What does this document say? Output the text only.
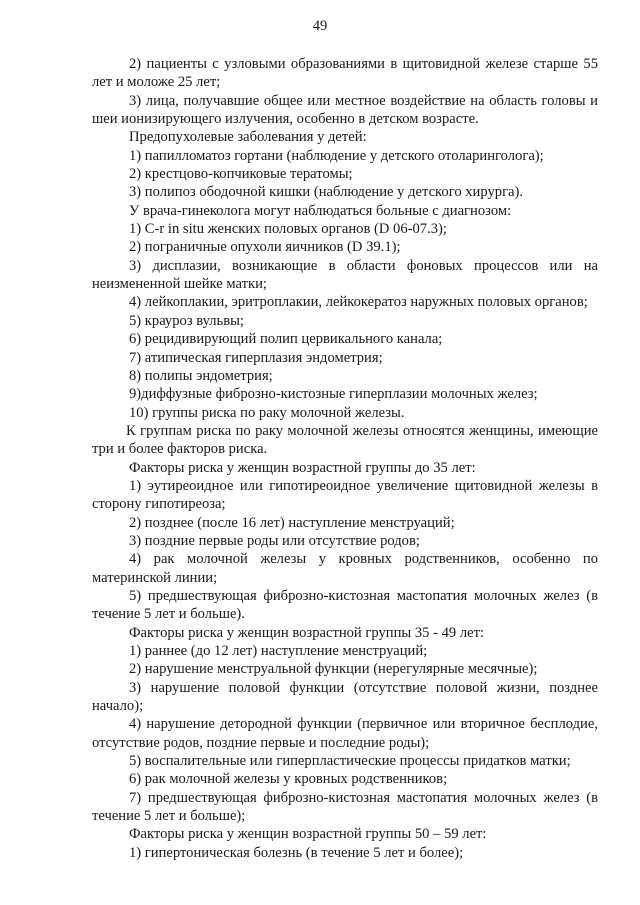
49

2) пациенты с узловыми образованиями в щитовидной железе старше 55 лет и моложе 25 лет;

3) лица, получавшие общее или местное воздействие на область головы и шеи ионизирующего излучения, особенно в детском возрасте.

Предопухолевые заболевания у детей:

1) папилломатоз гортани (наблюдение у детского отоларинголога);

2) крестцово-копчиковые тератомы;

3) полипоз ободочной кишки (наблюдение у детского хирурга).

У врача-гинеколога могут наблюдаться больные с диагнозом:

1) C-r in situ женских половых органов (D 06-07.3);

2) пограничные опухоли яичников (D 39.1);

3) дисплазии, возникающие в области фоновых процессов или на неизмененной шейке матки;

4) лейкоплакии, эритроплакии, лейкокератоз наружных половых органов;

5) крауроз вульвы;

6) рецидивирующий полип цервикального канала;

7) атипическая гиперплазия эндометрия;

8) полипы эндометрия;

9)диффузные фиброзно-кистозные гиперплазии молочных желез;

10) группы риска по раку молочной железы.

К группам риска по раку молочной железы относятся женщины, имеющие три и более факторов риска.

Факторы риска у женщин возрастной группы до 35 лет:

1) эутиреоидное или гипотиреоидное увеличение щитовидной железы в сторону гипотиреоза;

2) позднее (после 16 лет) наступление менструаций;

3) поздние первые роды или отсутствие родов;

4) рак молочной железы у кровных родственников, особенно по материнской линии;

5) предшествующая фиброзно-кистозная мастопатия молочных желез (в течение 5 лет и больше).

Факторы риска у женщин возрастной группы 35 - 49 лет:

1) раннее (до 12 лет) наступление менструаций;

2) нарушение менструальной функции (нерегулярные месячные);

3) нарушение половой функции (отсутствие половой жизни, позднее начало);

4) нарушение детородной функции (первичное или вторичное бесплодие, отсутствие родов, поздние первые и последние роды);

5) воспалительные или гиперпластические процессы придатков матки;

6) рак молочной железы у кровных родственников;

7) предшествующая фиброзно-кистозная мастопатия молочных желез (в течение 5 лет и больше);

Факторы риска у женщин возрастной группы 50 – 59 лет:

1) гипертоническая болезнь (в течение 5 лет и более);
